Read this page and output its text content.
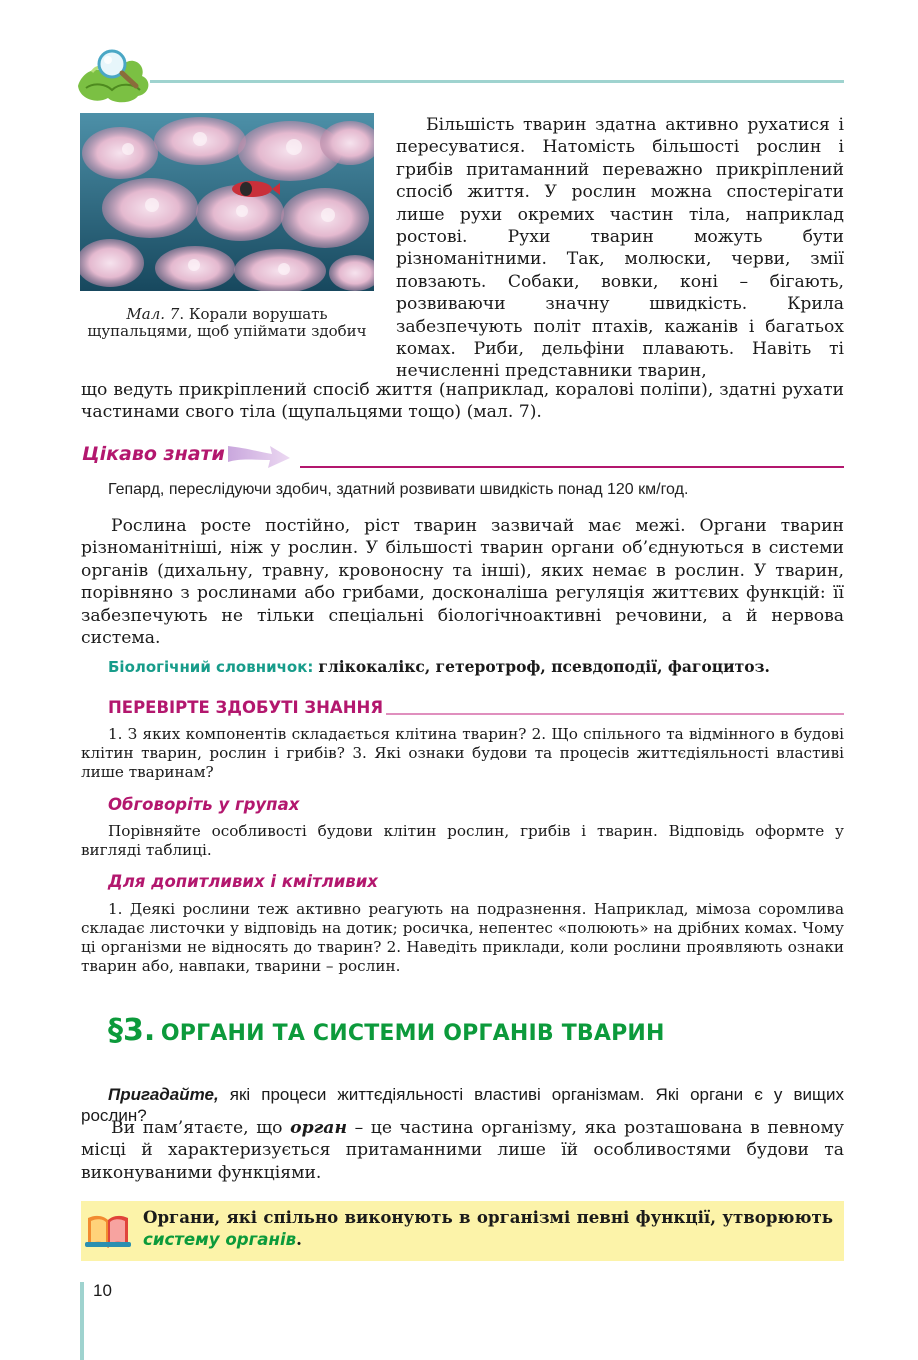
Мал. 7. Корали ворушать щупальцями, щоб упіймати здобич

Більшість тварин здатна активно рухатися і пересуватися. Натомість більшості рослин і грибів притаманний переважно прикріплений спосіб життя. У рослин можна спостерігати лише рухи окремих частин тіла, наприклад ростові. Рухи тварин можуть бути різноманітними. Так, молюски, черви, змії повзають. Собаки, вовки, коні – бігають, розвиваючи значну швидкість. Крила забезпечують політ птахів, кажанів і багатьох комах. Риби, дельфіни плавають. Навіть ті нечисленні представники тварин,

що ведуть прикріплений спосіб життя (наприклад, коралові поліпи), здатні рухати частинами свого тіла (щупальцями тощо) (мал. 7).

Цікаво знати
Гепард, переслідуючи здобич, здатний розвивати швидкість понад 120 км/год.

Рослина росте постійно, ріст тварин зазвичай має межі. Органи тварин різноманітніші, ніж у рослин. У більшості тварин органи об’єднуються в системи органів (дихальну, травну, кровоносну та інші), яких немає в рослин. У тварин, порівняно з рослинами або грибами, досконаліша регуляція життєвих функцій: її забезпечують не тільки спеціальні біологічноактивні речовини, а й нервова система.

Біологічний словничок: глікокалікс, гетеротроф, псевдоподії, фагоцитоз.
ПЕРЕВІРТЕ ЗДОБУТІ ЗНАННЯ

1. З яких компонентів складається клітина тварин? 2. Що спільного та відмінного в будові клітин тварин, рослин і грибів? 3. Які ознаки будови та процесів життєдіяльності властиві лише тваринам?

Обговоріть у групах

Порівняйте особливості будови клітин рослин, грибів і тварин. Відповідь оформте у вигляді таблиці.

Для допитливих і кмітливих

1. Деякі рослини теж активно реагують на подразнення. Наприклад, мімоза соромлива складає листочки у відповідь на дотик; росичка, непентес «полюють» на дрібних комах. Чому ці організми не відносять до тварин? 2. Наведіть приклади, коли рослини проявляють ознаки тварин або, навпаки, тварини – рослин.

§3. ОРГАНИ ТА СИСТЕМИ ОРГАНІВ ТВАРИН

Пригадайте, які процеси життєдіяльності властиві організмам. Які органи є у вищих рослин?

Ви пам’ятаєте, що орган – це частина організму, яка розташована в певному місці й характеризується притаманними лише їй особливостями будови та виконуваними функціями.

Органи, які спільно виконують в організмі певні функції, утворюють систему органів.
10
